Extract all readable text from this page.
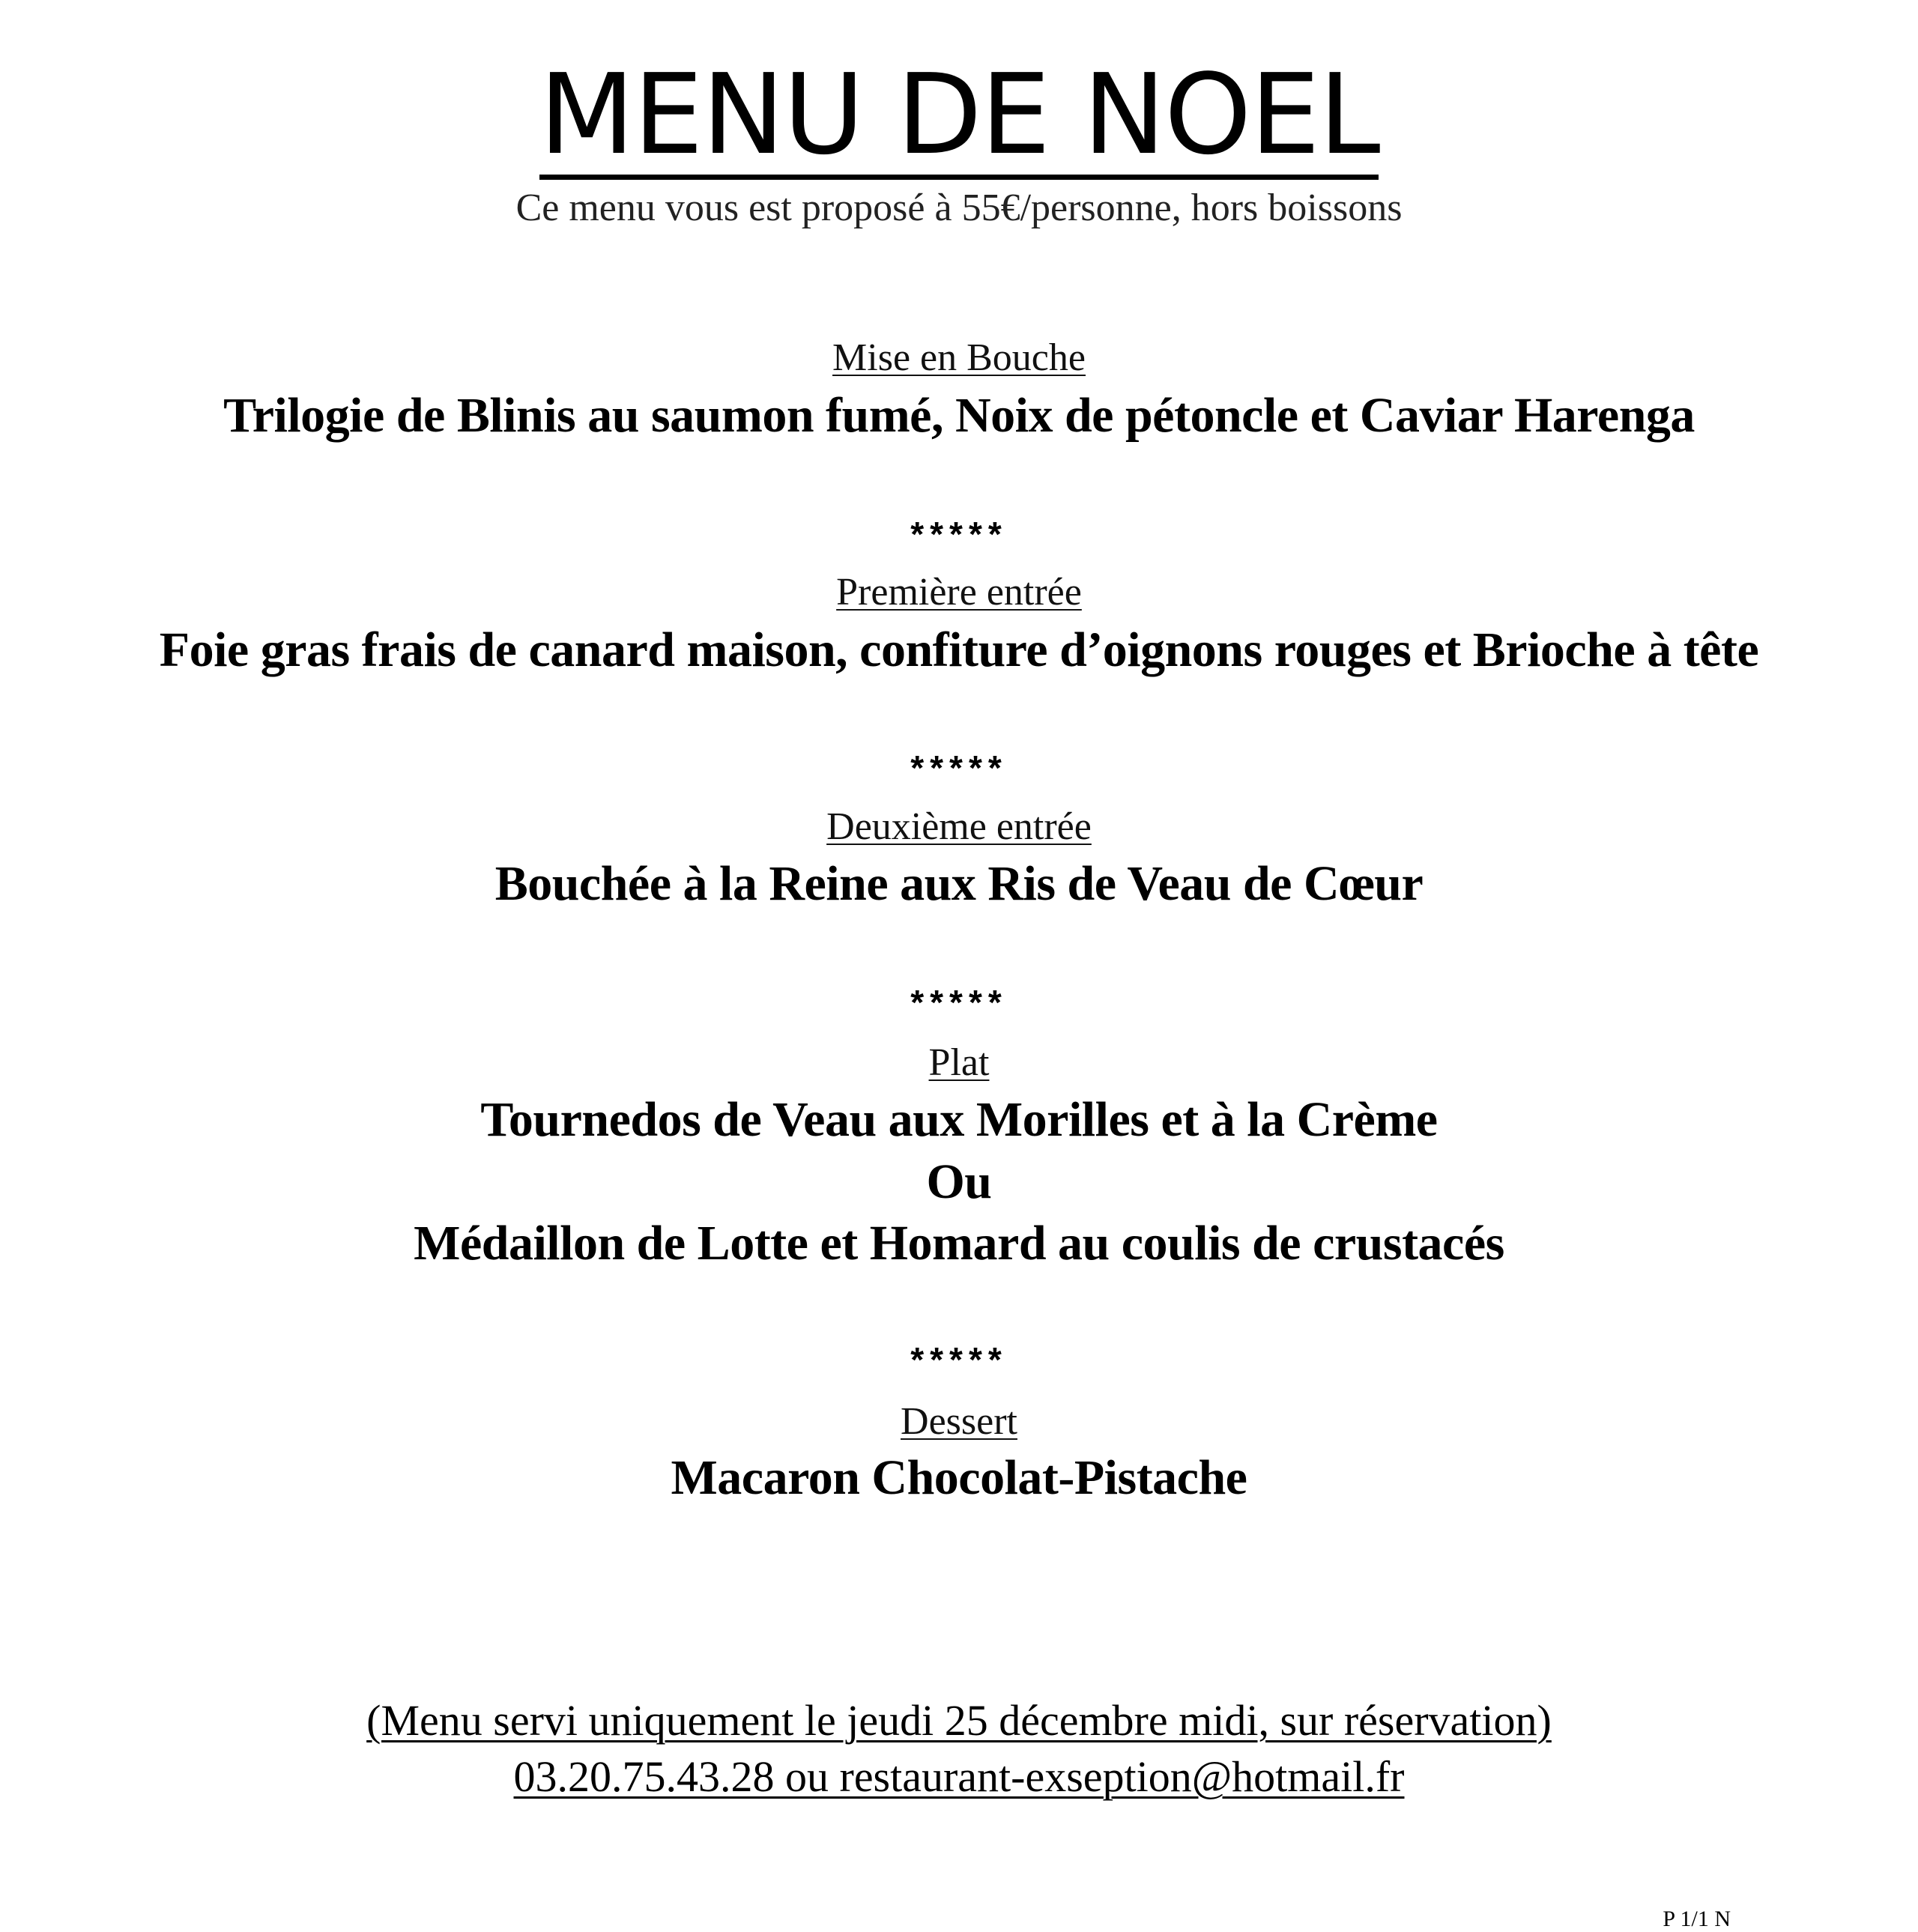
MENU DE NOEL
Ce menu vous est proposé à 55€/personne, hors boissons
Mise en Bouche
Trilogie de Blinis au saumon fumé, Noix de pétoncle et Caviar Harenga
*****
Première entrée
Foie gras frais de canard maison, confiture d’oignons rouges et Brioche à tête
*****
Deuxième entrée
Bouchée à la Reine aux Ris de Veau de Cœur
*****
Plat
Tournedos de Veau aux Morilles et à la Crème
Ou
Médaillon de Lotte et Homard au coulis de crustacés
*****
Dessert
Macaron Chocolat-Pistache
(Menu servi uniquement le jeudi 25 décembre midi, sur réservation)
03.20.75.43.28 ou restaurant-exseption@hotmail.fr
P 1/1 N
